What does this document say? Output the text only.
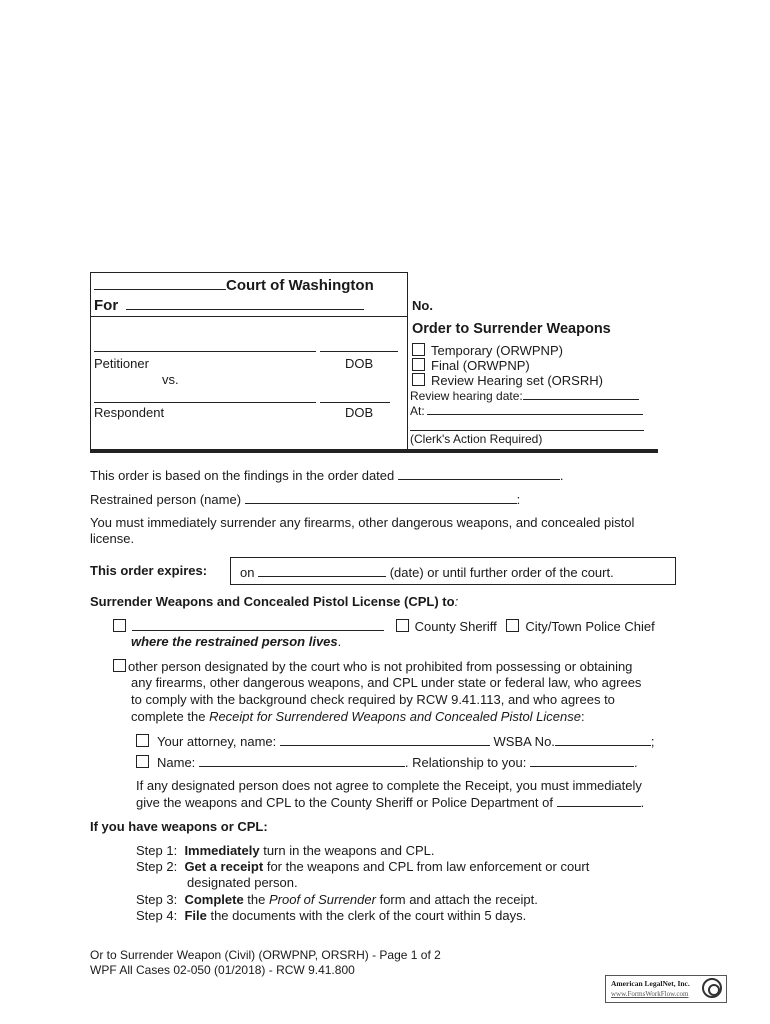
Court of Washington
For
Petitioner	DOB
vs.
Respondent	DOB
No.
Order to Surrender Weapons
Temporary (ORWPNP)
Final (ORWPNP)
Review Hearing set (ORSRH)
Review hearing date:
At:
(Clerk's Action Required)
This order is based on the findings in the order dated	.
Restrained person (name)	:
You must immediately surrender any firearms, other dangerous weapons, and concealed pistol
license.
This order expires:	on	(date) or until further order of the court.
Surrender Weapons and Concealed Pistol License (CPL) to:
County Sheriff City/Town Police Chief
where the restrained person lives.
other person designated by the court who is not prohibited from possessing or obtaining
any firearms, other dangerous weapons, and CPL under state or federal law, who agrees
to comply with the background check required by RCW 9.41.113, and who agrees to
complete the Receipt for Surrendered Weapons and Concealed Pistol License:
Your attorney, name:	WSBA No.	;
Name:	. Relationship to you:	.
If any designated person does not agree to complete the Receipt, you must immediately
give the weapons and CPL to the County Sheriff or Police Department of	.
If you have weapons or CPL:
Step 1: Immediately turn in the weapons and CPL.
Step 2: Get a receipt for the weapons and CPL from law enforcement or court
designated person.
Step 3: Complete the Proof of Surrender form and attach the receipt.
Step 4: File the documents with the clerk of the court within 5 days.
Or to Surrender Weapon (Civil) (ORWPNP, ORSRH) - Page 1 of 2
WPF All Cases 02-050 (01/2018) - RCW 9.41.800
American LegalNet, Inc.
www.FormsWorkFlow.com
